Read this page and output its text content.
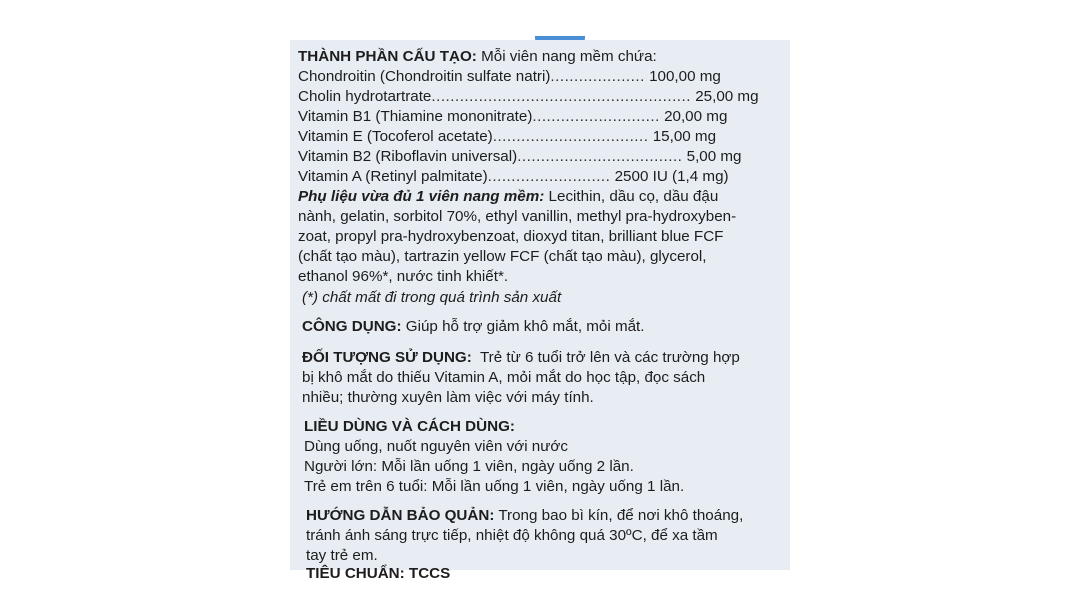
THÀNH PHẦN CẤU TẠO: Mỗi viên nang mềm chứa:
Chondroitin (Chondroitin sulfate natri).................... 100,00 mg
Cholin hydrotartrate....................................................... 25,00 mg
Vitamin B1 (Thiamine mononitrate)........................... 20,00 mg
Vitamin E (Tocoferol acetate)................................. 15,00 mg
Vitamin B2 (Riboflavin universal)................................... 5,00 mg
Vitamin A (Retinyl palmitate).......................... 2500 IU (1,4 mg)
Phụ liệu vừa đủ 1 viên nang mềm: Lecithin, dầu cọ, dầu đậu
nành, gelatin, sorbitol 70%, ethyl vanillin, methyl pra-hydroxyben-
zoat, propyl pra-hydroxybenzoat, dioxyd titan, brilliant blue FCF
(chất tạo màu), tartrazin yellow FCF (chất tạo màu), glycerol,
ethanol 96%*, nước tinh khiết*.
(*) chất mất đi trong quá trình sản xuất
CÔNG DỤNG: Giúp hỗ trợ giảm khô mắt, mỏi mắt.
ĐỐI TƯỢNG SỬ DỤNG: Trẻ từ 6 tuổi trở lên và các trường hợp
bị khô mắt do thiếu Vitamin A, mỏi mắt do học tập, đọc sách
nhiều; thường xuyên làm việc với máy tính.
LIỀU DÙNG VÀ CÁCH DÙNG:
Dùng uống, nuốt nguyên viên với nước
Người lớn: Mỗi lần uống 1 viên, ngày uống 2 lần.
Trẻ em trên 6 tuổi: Mỗi lần uống 1 viên, ngày uống 1 lần.
HƯỚNG DẪN BẢO QUẢN: Trong bao bì kín, để nơi khô thoáng,
tránh ánh sáng trực tiếp, nhiệt độ không quá 30ºC, để xa tầm
tay trẻ em.
TIÊU CHUẨN: TCCS
